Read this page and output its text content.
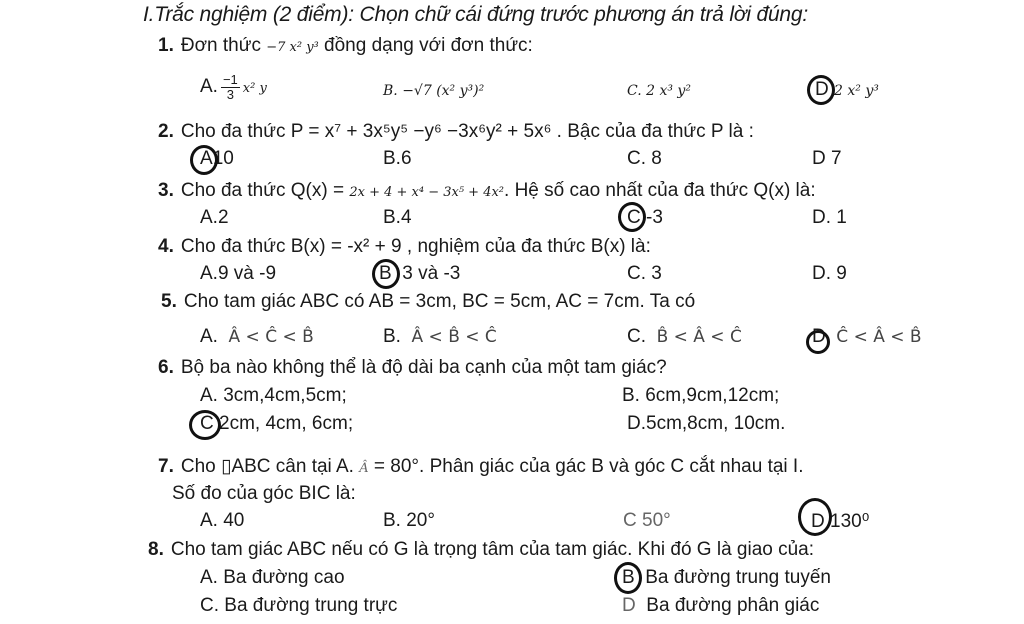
I.Trắc nghiệm (2 điểm): Chọn chữ cái đứng trước phương án trả lời đúng:
1. Đơn thức −7 x² y³ đồng dạng với đơn thức:
A. $\frac{-1}{3} x^2$ y	B. −√7 (x² y³)²	C. 2 x³ y²	D 2 x² y³
2. Cho đa thức P = x⁷ + 3x⁵y⁵ −y⁶ −3x⁶y² + 5x⁶ . Bậc của đa thức P là :
A10	B.6	C. 8	D 7
3. Cho đa thức Q(x) = 2x + 4 + x⁴ − 3x⁵ + 4x². Hệ số cao nhất của đa thức Q(x) là:
A.2	B.4	C -3	D. 1
4. Cho đa thức B(x) = -x² + 9 , nghiệm của đa thức B(x) là:
A.9 và -9	B 3 và -3	C. 3	D. 9
5. Cho tam giác ABC có AB = 3cm, BC = 5cm, AC = 7cm. Ta có
A. Â < Ĉ < B̂	B. Â < B̂ < Ĉ	C. B̂ < Â < Ĉ	D Ĉ < Â < B̂
6. Bộ ba nào không thể là độ dài ba cạnh của một tam giác?
A. 3cm,4cm,5cm;	B. 6cm,9cm,12cm;
C 2cm, 4cm, 6cm;	D.5cm,8cm, 10cm.
7. Cho ▯ABC cân tại A. Â = 80°. Phân giác của gác B và góc C cắt nhau tại I.
Số đo của góc BIC là:
A. 40	B. 20°	C 50°	D 130⁰
8. Cho tam giác ABC nếu có G là trọng tâm của tam giác. Khi đó G là giao của:
A. Ba đường cao	B Ba đường trung tuyến
C. Ba đường trung trực	D Ba đường phân giác
